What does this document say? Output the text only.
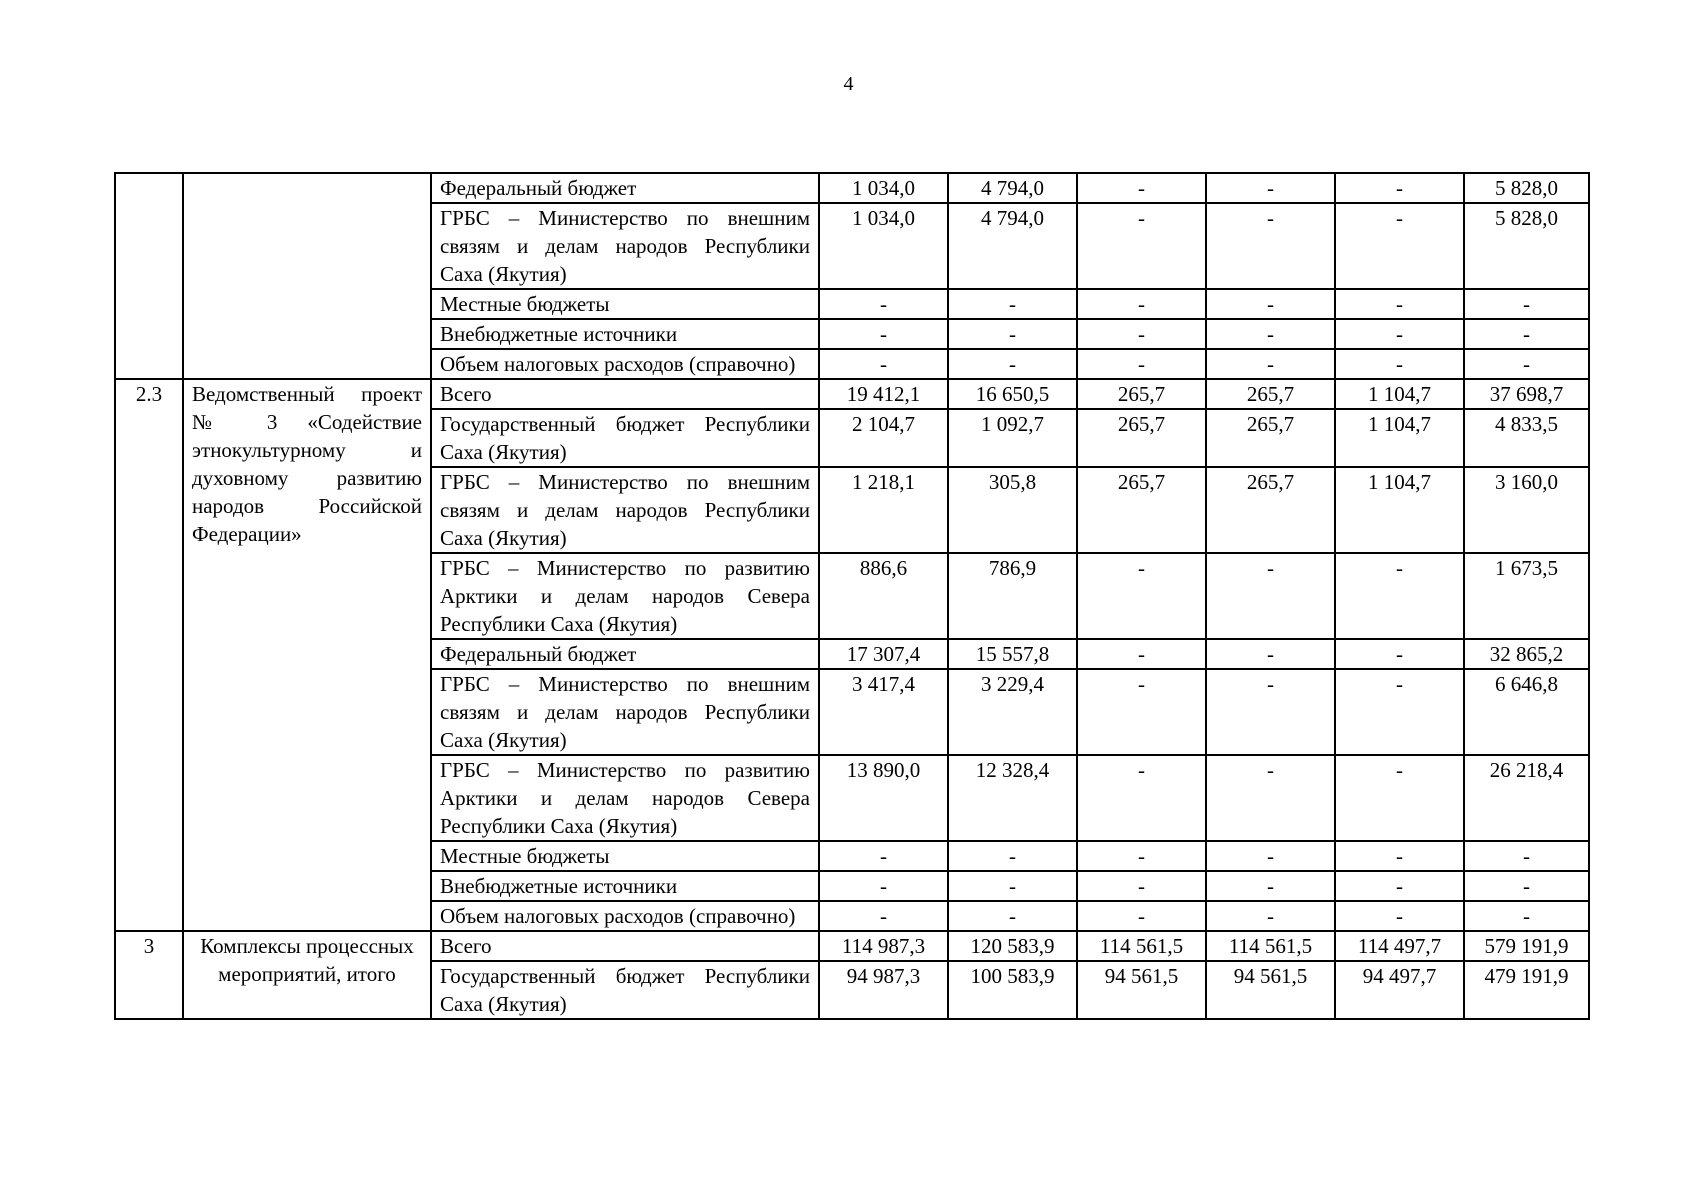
4
		Федеральный бюджет	1 034,0	4 794,0	-	-	-	5 828,0
		ГРБС – Министерство по внешним связям и делам народов Республики Саха (Якутия)	1 034,0	4 794,0	-	-	-	5 828,0
		Местные бюджеты	-	-	-	-	-	-
		Внебюджетные источники	-	-	-	-	-	-
		Объем налоговых расходов (справочно)	-	-	-	-	-	-
2.3	Ведомственный проект № 3 «Содействие этнокультурному и духовному развитию народов Российской Федерации»	Всего	19 412,1	16 650,5	265,7	265,7	1 104,7	37 698,7
		Государственный бюджет Республики Саха (Якутия)	2 104,7	1 092,7	265,7	265,7	1 104,7	4 833,5
		ГРБС – Министерство по внешним связям и делам народов Республики Саха (Якутия)	1 218,1	305,8	265,7	265,7	1 104,7	3 160,0
		ГРБС – Министерство по развитию Арктики и делам народов Севера Республики Саха (Якутия)	886,6	786,9	-	-	-	1 673,5
		Федеральный бюджет	17 307,4	15 557,8	-	-	-	32 865,2
		ГРБС – Министерство по внешним связям и делам народов Республики Саха (Якутия)	3 417,4	3 229,4	-	-	-	6 646,8
		ГРБС – Министерство по развитию Арктики и делам народов Севера Республики Саха (Якутия)	13 890,0	12 328,4	-	-	-	26 218,4
		Местные бюджеты	-	-	-	-	-	-
		Внебюджетные источники	-	-	-	-	-	-
		Объем налоговых расходов (справочно)	-	-	-	-	-	-
3	Комплексы процессных мероприятий, итого	Всего	114 987,3	120 583,9	114 561,5	114 561,5	114 497,7	579 191,9
		Государственный бюджет Республики Саха (Якутия)	94 987,3	100 583,9	94 561,5	94 561,5	94 497,7	479 191,9
